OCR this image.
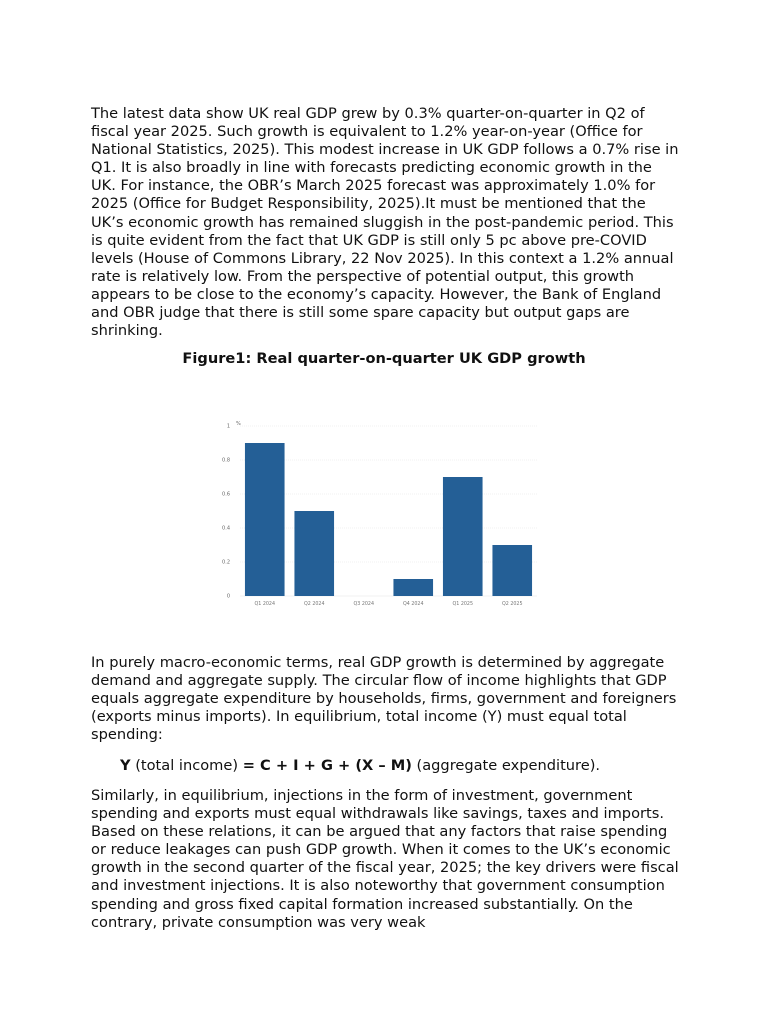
The latest data show UK real GDP grew by 0.3% quarter-on-quarter in Q2 of fiscal year 2025. Such growth is equivalent to 1.2% year-on-year (Office for National Statistics, 2025). This modest increase in UK GDP follows a 0.7% rise in Q1. It is also broadly in line with forecasts predicting economic growth in the UK. For instance, the OBR’s March 2025 forecast was approximately 1.0% for 2025 (Office for Budget Responsibility, 2025).It must be mentioned that the UK’s economic growth has remained sluggish in the post-pandemic period. This is quite evident from the fact that UK GDP is still only 5 pc above pre-COVID levels (House of Commons Library, 22 Nov 2025). In this context a 1.2% annual rate is relatively low. From the perspective of potential output, this growth appears to be close to the economy’s capacity. However, the Bank of England and OBR judge that there is still some spare capacity but output gaps are shrinking.

Figure1: Real quarter-on-quarter UK GDP growth
0
0.2
0.4
0.6
0.8
1 %
Q1 2024	Q2 2024	Q3 2024	Q4 2024	Q1 2025	Q2 2025

In purely macro-economic terms, real GDP growth is determined by aggregate demand and aggregate supply. The circular flow of income highlights that GDP equals aggregate expenditure by households, firms, government and foreigners (exports minus imports). In equilibrium, total income (Y) must equal total spending:

Y (total income) = C + I + G + (X – M) (aggregate expenditure).

Similarly, in equilibrium, injections in the form of investment, government spending and exports must equal withdrawals like savings, taxes and imports. Based on these relations, it can be argued that any factors that raise spending or reduce leakages can push GDP growth. When it comes to the UK’s economic growth in the second quarter of the fiscal year, 2025; the key drivers were fiscal and investment injections. It is also noteworthy that government consumption spending and gross fixed capital formation increased substantially. On the contrary, private consumption was very weak
